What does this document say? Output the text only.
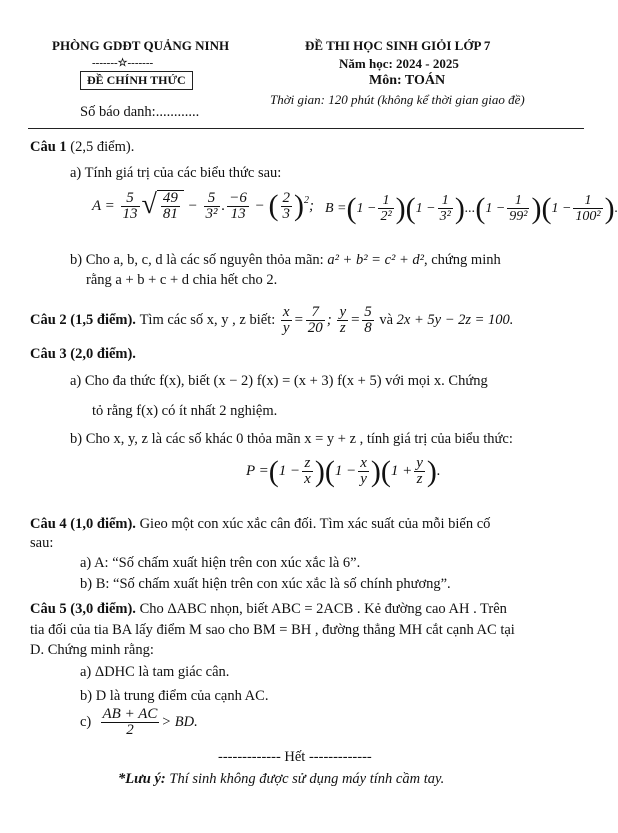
PHÒNG GDĐT QUẢNG NINH
-------☆-------
ĐỀ CHÍNH THỨC
Số báo danh:............
ĐỀ THI HỌC SINH GIỎI LỚP 7
Năm học: 2024 - 2025
Môn: TOÁN
Thời gian: 120 phút (không kể thời gian giao đề)
Câu 1 (2,5 điểm).
a) Tính giá trị của các biểu thức sau:
$A = \frac{5}{13}$ √ $\frac{49}{81} - \frac{5}{\text{3²}}$ . $\frac{-6}{13}$ − ( $\frac{2}{3} )^2$ ; B = ( $1 - \frac{1}{\text{2²}}$ ) ( $1 - \frac{1}{\text{3²}}$ ) ... ( $1 - \frac{1}{\text{99²}}$ ) ( $1 - \frac{1}{\text{100²}}$ ) .
b) Cho a, b, c, d là các số nguyên thỏa mãn: a² + b² = c² + d², chứng minh
rằng a + b + c + d chia hết cho 2.
Câu 2
(1,5 điểm).
Tìm các số x, y , z biết:
$\frac{x}{y} = \frac{7}{20}$ ; $\frac{y}{z} = \frac{5}{8}$ và 2x + 5y − 2z = 100.
Câu 3 (2,0 điểm).
a) Cho đa thức f(x), biết (x − 2) f(x) = (x + 3) f(x + 5) với mọi x. Chứng
tỏ rằng f(x) có ít nhất 2 nghiệm.
b) Cho x, y, z là các số khác 0 thỏa mãn x = y + z , tính giá trị của biểu thức:
P = ( $1 - \frac{z}{x}$ ) ( $1 - \frac{x}{y}$ ) ( $1 + \frac{y}{z}$ ) .
Câu 4 (1,0 điểm). Gieo một con xúc xắc cân đối. Tìm xác suất của mỗi biến cố
sau:
a) A: “Số chấm xuất hiện trên con xúc xắc là 6”.
b) B: “Số chấm xuất hiện trên con xúc xắc là số chính phương”.
Câu 5 (3,0 điểm). Cho ΔABC nhọn, biết ABC = 2ACB . Kẻ đường cao AH . Trên
tia đối của tia BA lấy điểm M sao cho BM = BH , đường thẳng MH cắt cạnh AC tại
D. Chứng minh rằng:
a) ΔDHC là tam giác cân.
b) D là trung điểm của cạnh AC.
c)
$\frac{AB + AC}{2}$ > BD.
------------- Hết -------------
*Lưu ý: Thí sinh không được sử dụng máy tính cầm tay.
